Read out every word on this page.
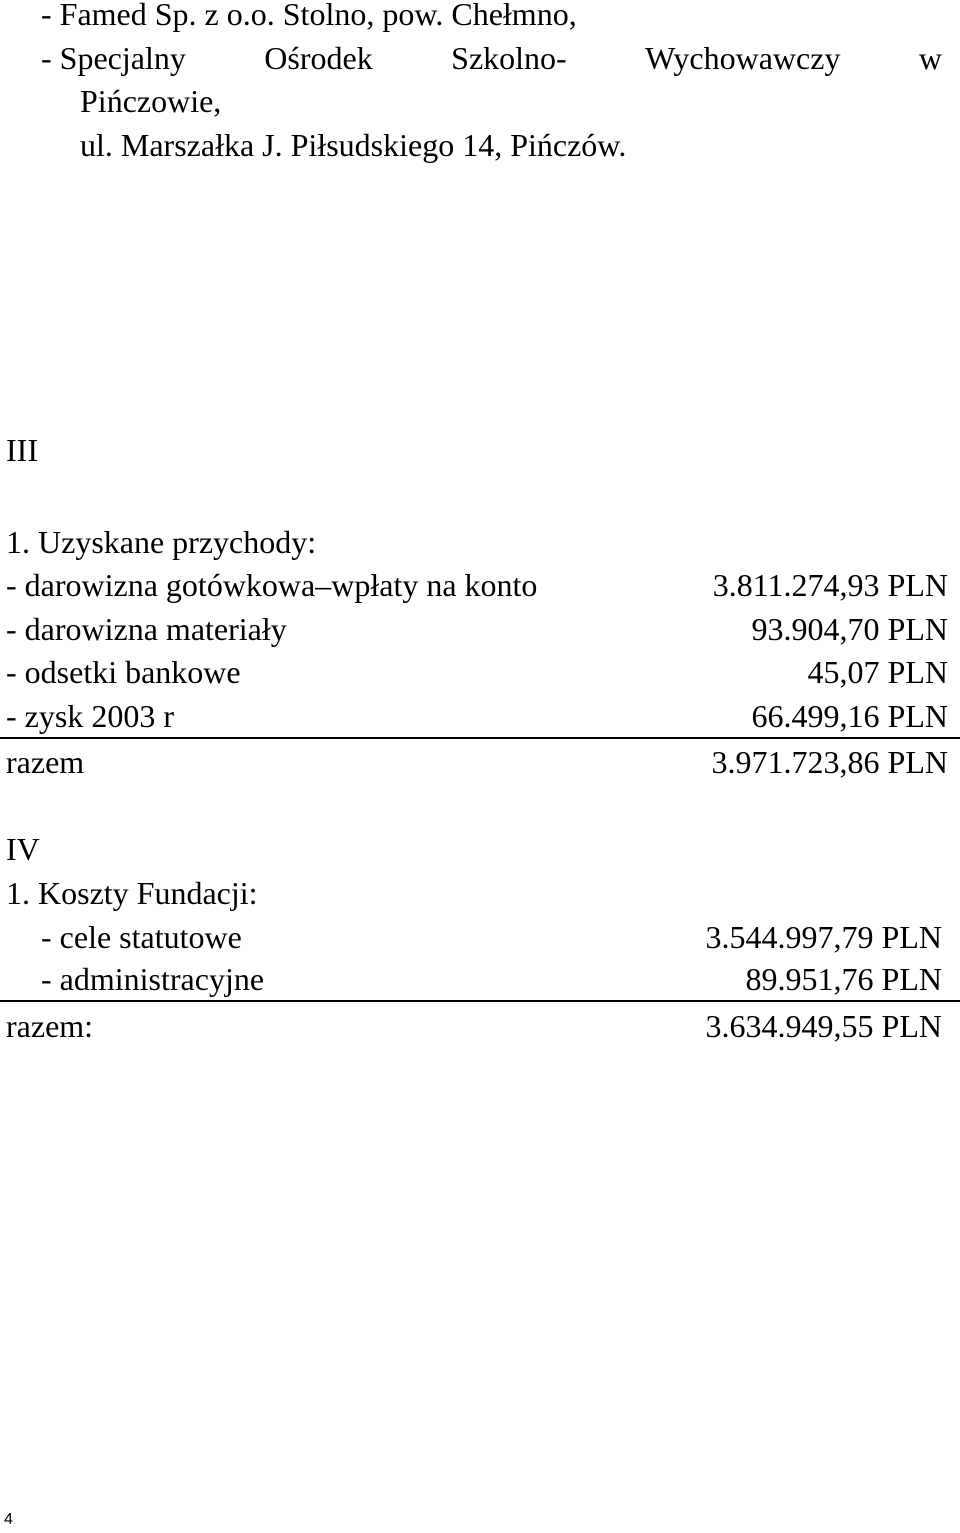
- Famed Sp. z o.o. Stolno, pow. Chełmno,
- Specjalny Ośrodek Szkolno- Wychowawczy w
Pińczowie,
ul. Marszałka J. Piłsudskiego 14, Pińczów.
III
1. Uzyskane przychody:
- darowizna gotówkowa–wpłaty na konto	3.811.274,93 PLN
- darowizna materiały	93.904,70 PLN
- odsetki bankowe	45,07 PLN
- zysk 2003 r	66.499,16 PLN
razem	3.971.723,86 PLN
IV
1. Koszty Fundacji:
- cele statutowe	3.544.997,79 PLN
- administracyjne	89.951,76 PLN
razem:	3.634.949,55 PLN
4
